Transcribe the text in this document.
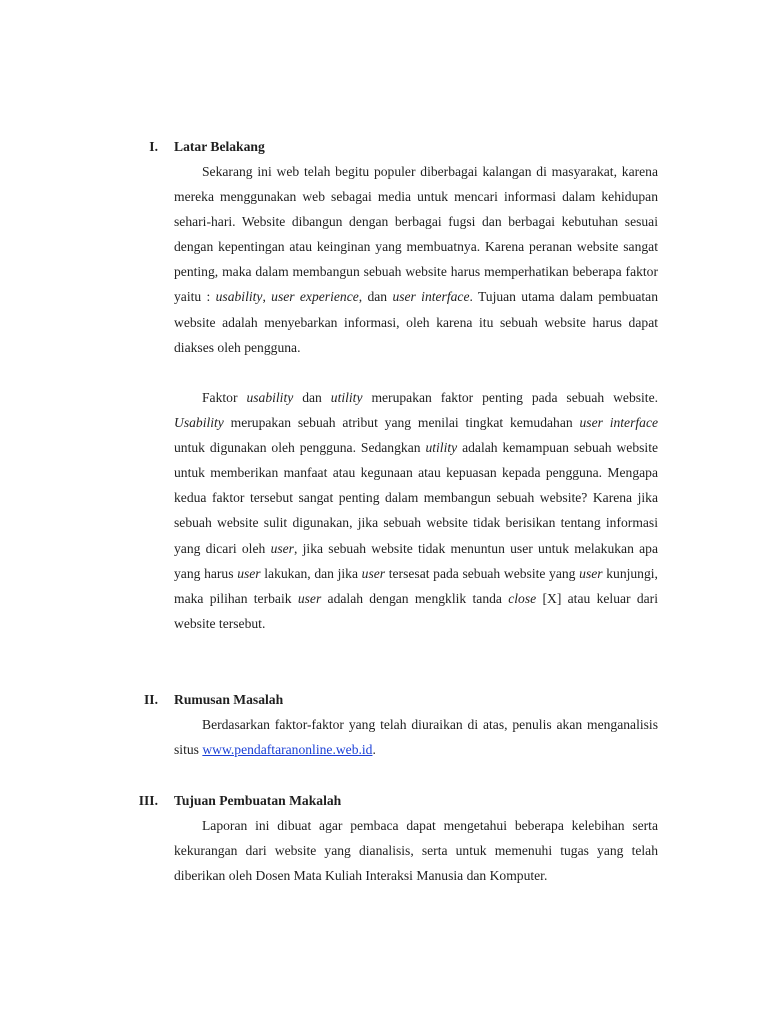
I. Latar Belakang

Sekarang ini web telah begitu populer diberbagai kalangan di masyarakat, karena mereka menggunakan web sebagai media untuk mencari informasi dalam kehidupan sehari-hari. Website dibangun dengan berbagai fugsi dan berbagai kebutuhan sesuai dengan kepentingan atau keinginan yang membuatnya. Karena peranan website sangat penting, maka dalam membangun sebuah website harus memperhatikan beberapa faktor yaitu : usability, user experience, dan user interface. Tujuan utama dalam pembuatan website adalah menyebarkan informasi, oleh karena itu sebuah website harus dapat diakses oleh pengguna.

Faktor usability dan utility merupakan faktor penting pada sebuah website. Usability merupakan sebuah atribut yang menilai tingkat kemudahan user interface untuk digunakan oleh pengguna. Sedangkan utility adalah kemampuan sebuah website untuk memberikan manfaat atau kegunaan atau kepuasan kepada pengguna. Mengapa kedua faktor tersebut sangat penting dalam membangun sebuah website? Karena jika sebuah website sulit digunakan, jika sebuah website tidak berisikan tentang informasi yang dicari oleh user, jika sebuah website tidak menuntun user untuk melakukan apa yang harus user lakukan, dan jika user tersesat pada sebuah website yang user kunjungi, maka pilihan terbaik user adalah dengan mengklik tanda close [X] atau keluar dari website tersebut.

II. Rumusan Masalah

Berdasarkan faktor-faktor yang telah diuraikan di atas, penulis akan menganalisis situs www.pendaftaranonline.web.id.

III. Tujuan Pembuatan Makalah

Laporan ini dibuat agar pembaca dapat mengetahui beberapa kelebihan serta kekurangan dari website yang dianalisis, serta untuk memenuhi tugas yang telah diberikan oleh Dosen Mata Kuliah Interaksi Manusia dan Komputer.
